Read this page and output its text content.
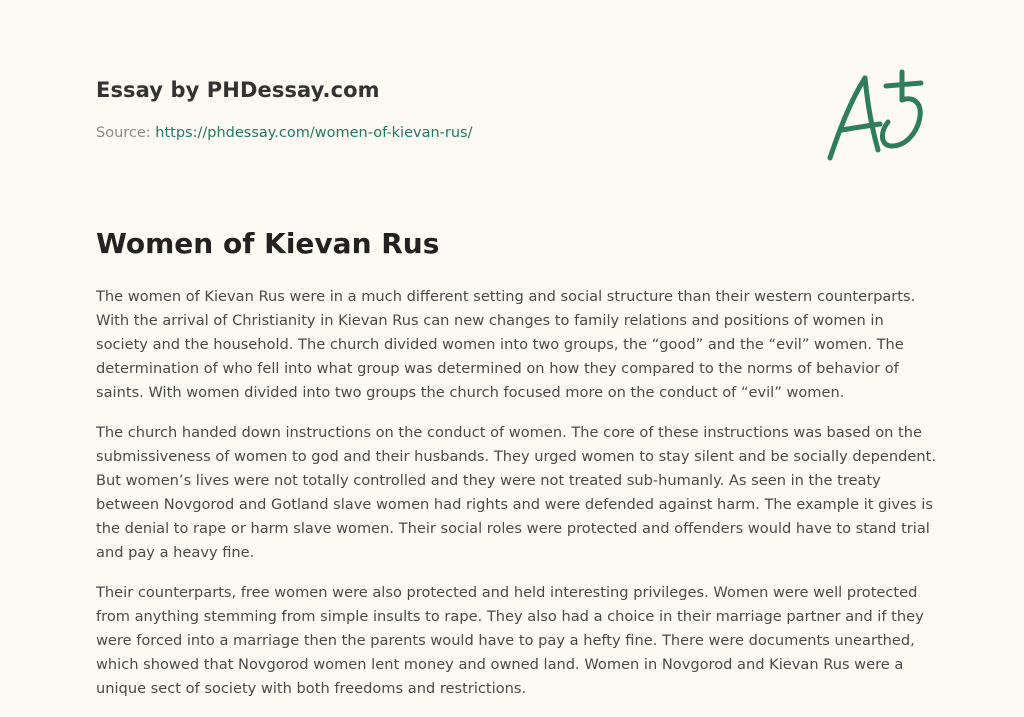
Essay by PHDessay.com
Source: https://phdessay.com/women-of-kievan-rus/
Women of Kievan Rus

The women of Kievan Rus were in a much different setting and social structure than their western counterparts. With the arrival of Christianity in Kievan Rus can new changes to family relations and positions of women in society and the household. The church divided women into two groups, the “good” and the “evil” women. The determination of who fell into what group was determined on how they compared to the norms of behavior of saints. With women divided into two groups the church focused more on the conduct of “evil” women.

The church handed down instructions on the conduct of women. The core of these instructions was based on the submissiveness of women to god and their husbands. They urged women to stay silent and be socially dependent. But women’s lives were not totally controlled and they were not treated sub-humanly. As seen in the treaty between Novgorod and Gotland slave women had rights and were defended against harm. The example it gives is the denial to rape or harm slave women. Their social roles were protected and offenders would have to stand trial and pay a heavy fine.

Their counterparts, free women were also protected and held interesting privileges. Women were well protected from anything stemming from simple insults to rape. They also had a choice in their marriage partner and if they were forced into a marriage then the parents would have to pay a hefty fine. There were documents unearthed, which showed that Novgorod women lent money and owned land. Women in Novgorod and Kievan Rus were a unique sect of society with both freedoms and restrictions.
